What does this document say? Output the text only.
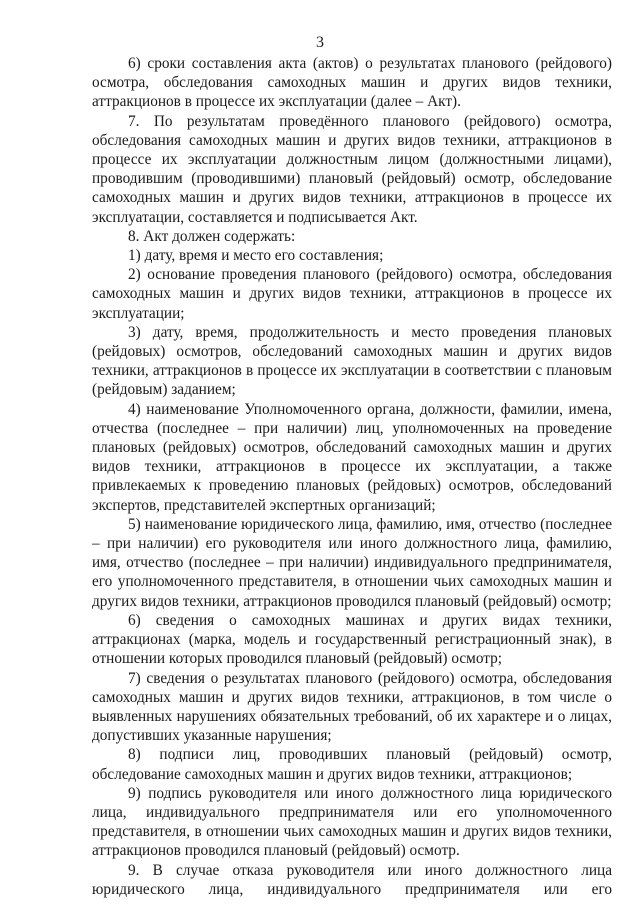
3

6) сроки составления акта (актов) о результатах планового (рейдового) осмотра, обследования самоходных машин и других видов техники, аттракционов в процессе их эксплуатации (далее – Акт).

7. По результатам проведённого планового (рейдового) осмотра, обследования самоходных машин и других видов техники, аттракционов в процессе их эксплуатации должностным лицом (должностными лицами), проводившим (проводившими) плановый (рейдовый) осмотр, обследование самоходных машин и других видов техники, аттракционов в процессе их эксплуатации, составляется и подписывается Акт.

8. Акт должен содержать:

1) дату, время и место его составления;

2) основание проведения планового (рейдового) осмотра, обследования самоходных машин и других видов техники, аттракционов в процессе их эксплуатации;

3) дату, время, продолжительность и место проведения плановых (рейдовых) осмотров, обследований самоходных машин и других видов техники, аттракционов в процессе их эксплуатации в соответствии с плановым (рейдовым) заданием;

4) наименование Уполномоченного органа, должности, фамилии, имена, отчества (последнее – при наличии) лиц, уполномоченных на проведение плановых (рейдовых) осмотров, обследований самоходных машин и других видов техники, аттракционов в процессе их эксплуатации, а также привлекаемых к проведению плановых (рейдовых) осмотров, обследований экспертов, представителей экспертных организаций;

5) наименование юридического лица, фамилию, имя, отчество (последнее – при наличии) его руководителя или иного должностного лица, фамилию, имя, отчество (последнее – при наличии) индивидуального предпринимателя, его уполномоченного представителя, в отношении чьих самоходных машин и других видов техники, аттракционов проводился плановый (рейдовый) осмотр;

6) сведения о самоходных машинах и других видах техники, аттракционах (марка, модель и государственный регистрационный знак), в отношении которых проводился плановый (рейдовый) осмотр;

7) сведения о результатах планового (рейдового) осмотра, обследования самоходных машин и других видов техники, аттракционов, в том числе о выявленных нарушениях обязательных требований, об их характере и о лицах, допустивших указанные нарушения;

8) подписи лиц, проводивших плановый (рейдовый) осмотр, обследование самоходных машин и других видов техники, аттракционов;

9) подпись руководителя или иного должностного лица юридического лица, индивидуального предпринимателя или его уполномоченного представителя, в отношении чьих самоходных машин и других видов техники, аттракционов проводился плановый (рейдовый) осмотр.

9. В случае отказа руководителя или иного должностного лица юридического лица, индивидуального предпринимателя или его
